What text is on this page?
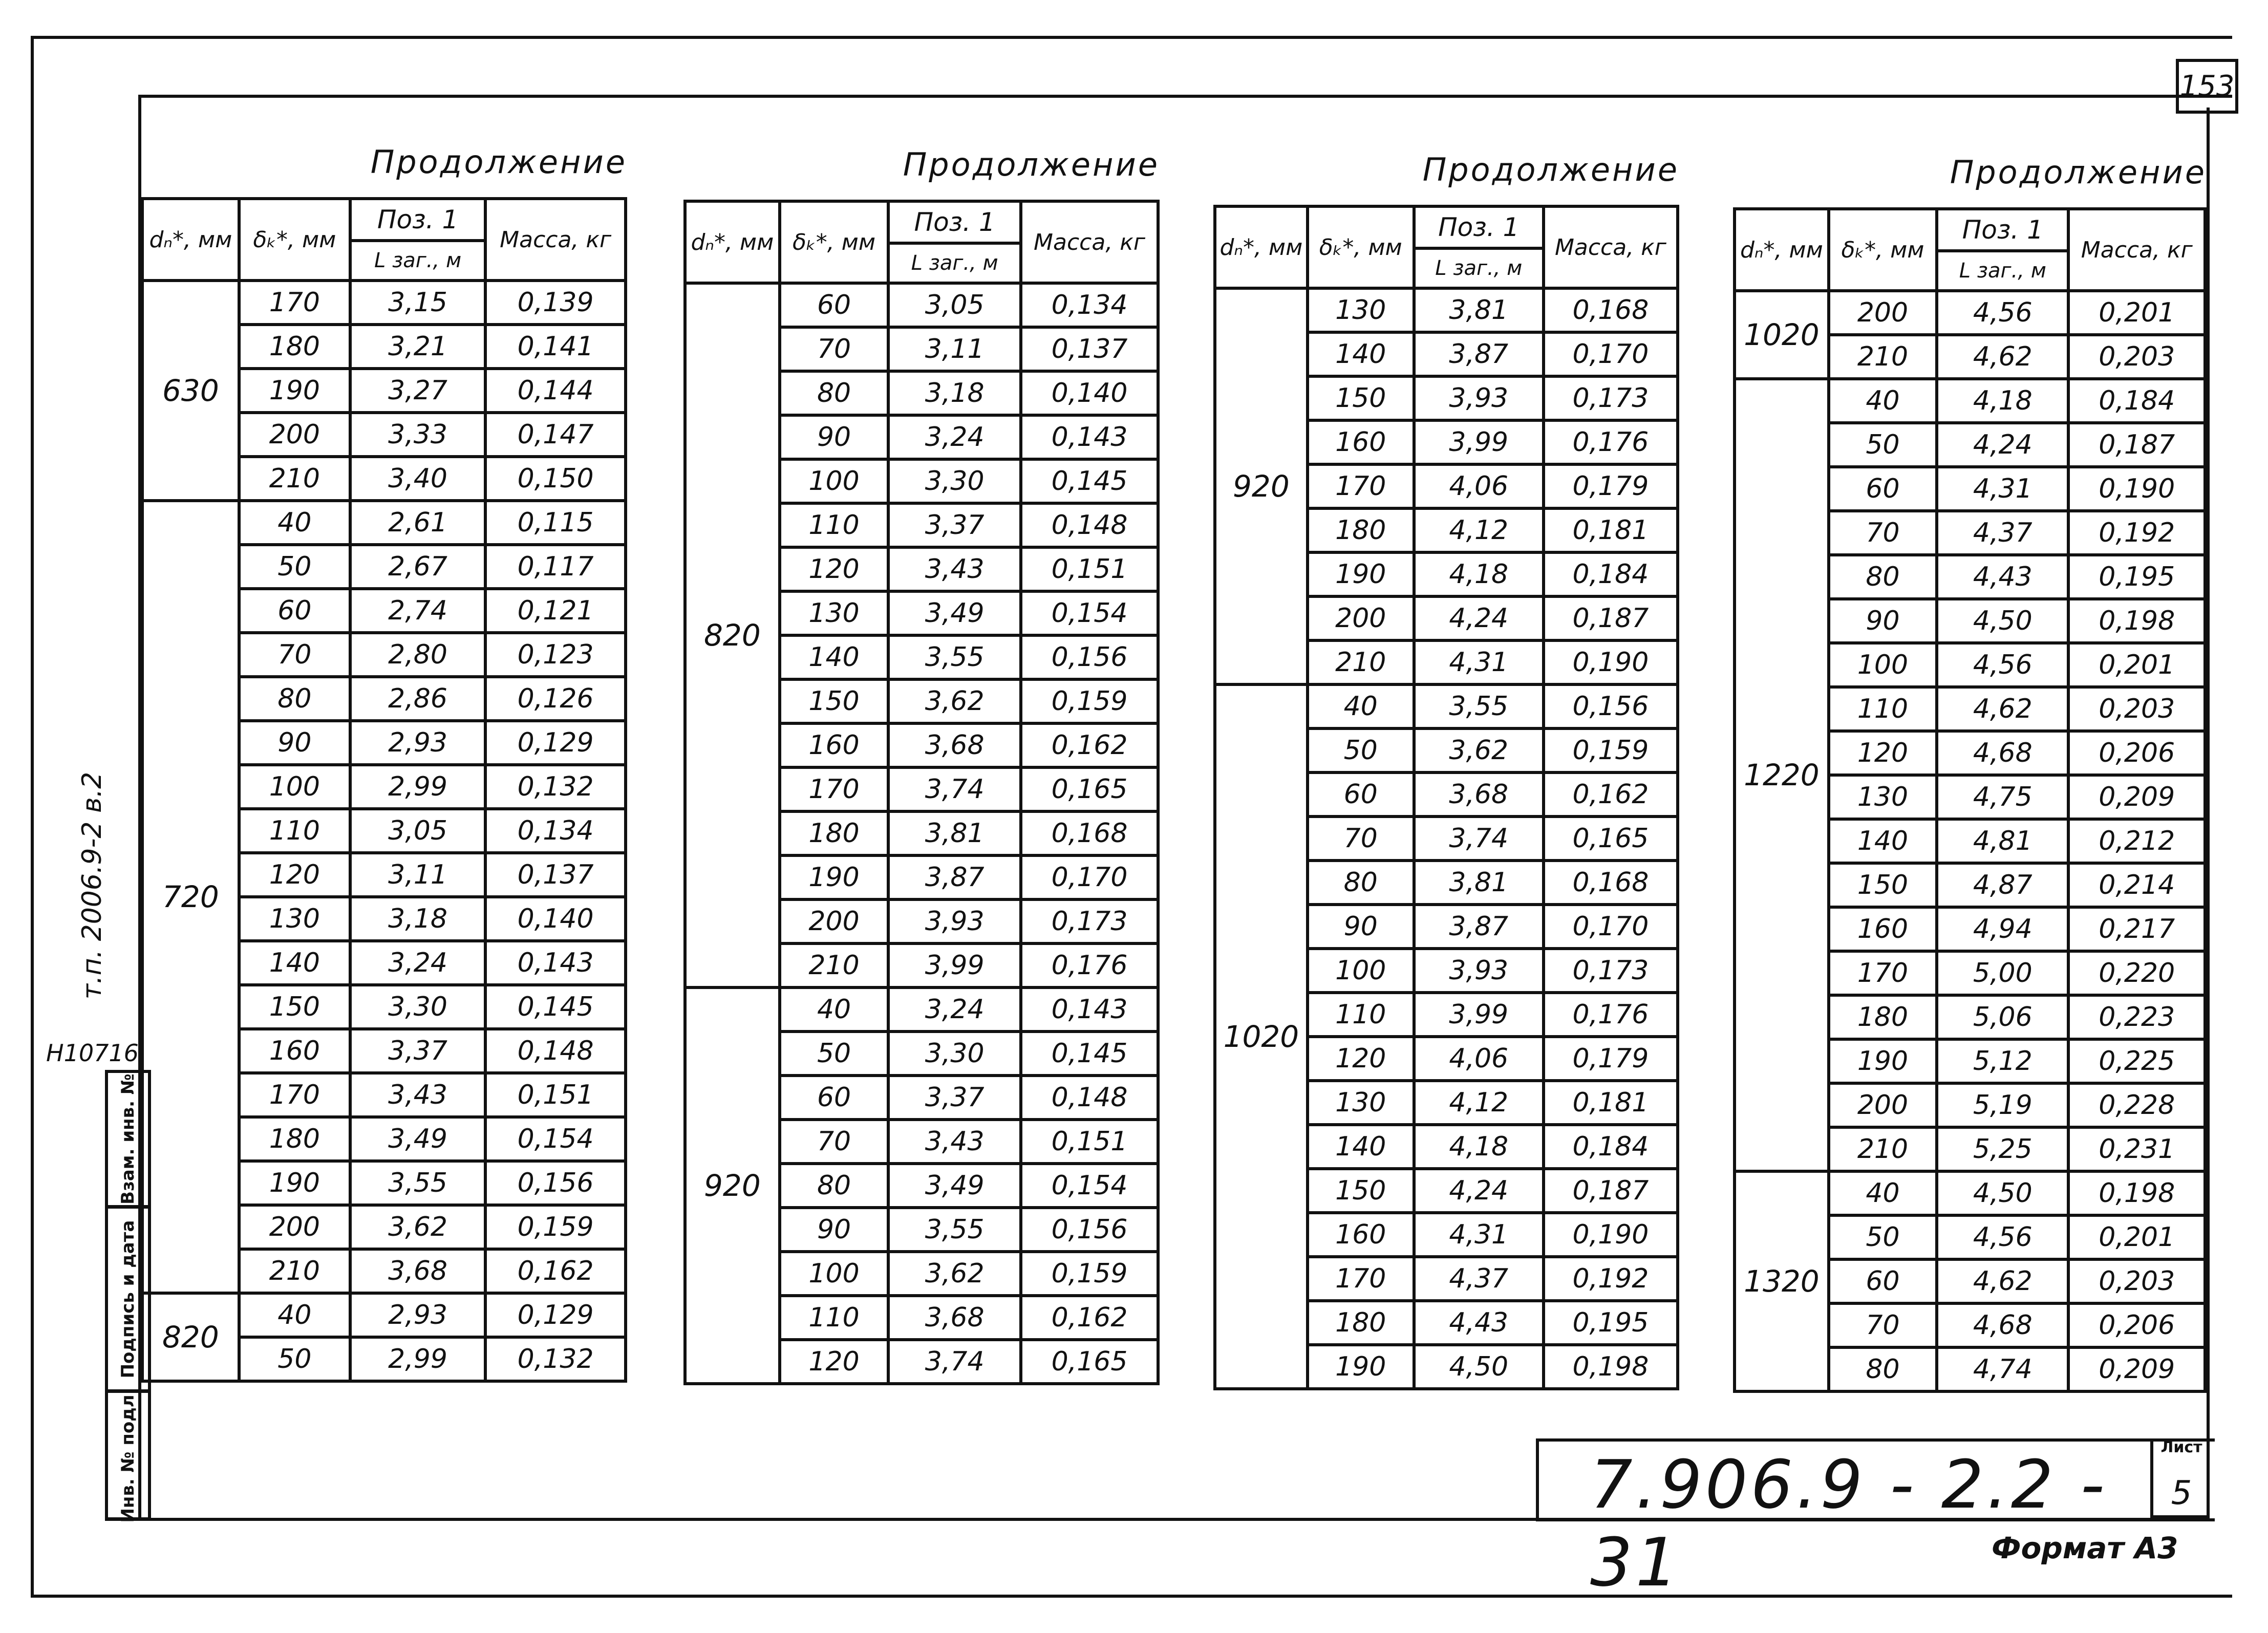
153
Взам. инв. №
Подпись и дата
Инв. № подл.
т.п. 2006.9-2 в.2
Н10716
Продолжение
dₙ*, мм	δₖ*, мм	Поз. 1	Масса, кг
		L заг., м	
630	170	3,15	0,139
	180	3,21	0,141
	190	3,27	0,144
	200	3,33	0,147
	210	3,40	0,150
720	40	2,61	0,115
	50	2,67	0,117
	60	2,74	0,121
	70	2,80	0,123
	80	2,86	0,126
	90	2,93	0,129
	100	2,99	0,132
	110	3,05	0,134
	120	3,11	0,137
	130	3,18	0,140
	140	3,24	0,143
	150	3,30	0,145
	160	3,37	0,148
	170	3,43	0,151
	180	3,49	0,154
	190	3,55	0,156
	200	3,62	0,159
	210	3,68	0,162
820	40	2,93	0,129
	50	2,99	0,132
Продолжение
dₙ*, мм	δₖ*, мм	Поз. 1	Масса, кг
		L заг., м	
820	60	3,05	0,134
	70	3,11	0,137
	80	3,18	0,140
	90	3,24	0,143
	100	3,30	0,145
	110	3,37	0,148
	120	3,43	0,151
	130	3,49	0,154
	140	3,55	0,156
	150	3,62	0,159
	160	3,68	0,162
	170	3,74	0,165
	180	3,81	0,168
	190	3,87	0,170
	200	3,93	0,173
	210	3,99	0,176
920	40	3,24	0,143
	50	3,30	0,145
	60	3,37	0,148
	70	3,43	0,151
	80	3,49	0,154
	90	3,55	0,156
	100	3,62	0,159
	110	3,68	0,162
	120	3,74	0,165
Продолжение
dₙ*, мм	δₖ*, мм	Поз. 1	Масса, кг
		L заг., м	
920	130	3,81	0,168
	140	3,87	0,170
	150	3,93	0,173
	160	3,99	0,176
	170	4,06	0,179
	180	4,12	0,181
	190	4,18	0,184
	200	4,24	0,187
	210	4,31	0,190
1020	40	3,55	0,156
	50	3,62	0,159
	60	3,68	0,162
	70	3,74	0,165
	80	3,81	0,168
	90	3,87	0,170
	100	3,93	0,173
	110	3,99	0,176
	120	4,06	0,179
	130	4,12	0,181
	140	4,18	0,184
	150	4,24	0,187
	160	4,31	0,190
	170	4,37	0,192
	180	4,43	0,195
	190	4,50	0,198
Продолжение
dₙ*, мм	δₖ*, мм	Поз. 1	Масса, кг
		L заг., м	
1020	200	4,56	0,201
	210	4,62	0,203
1220	40	4,18	0,184
	50	4,24	0,187
	60	4,31	0,190
	70	4,37	0,192
	80	4,43	0,195
	90	4,50	0,198
	100	4,56	0,201
	110	4,62	0,203
	120	4,68	0,206
	130	4,75	0,209
	140	4,81	0,212
	150	4,87	0,214
	160	4,94	0,217
	170	5,00	0,220
	180	5,06	0,223
	190	5,12	0,225
	200	5,19	0,228
	210	5,25	0,231
1320	40	4,50	0,198
	50	4,56	0,201
	60	4,62	0,203
	70	4,68	0,206
	80	4,74	0,209
7.906.9 - 2.2 - 31
Лист
5
Формат А3
